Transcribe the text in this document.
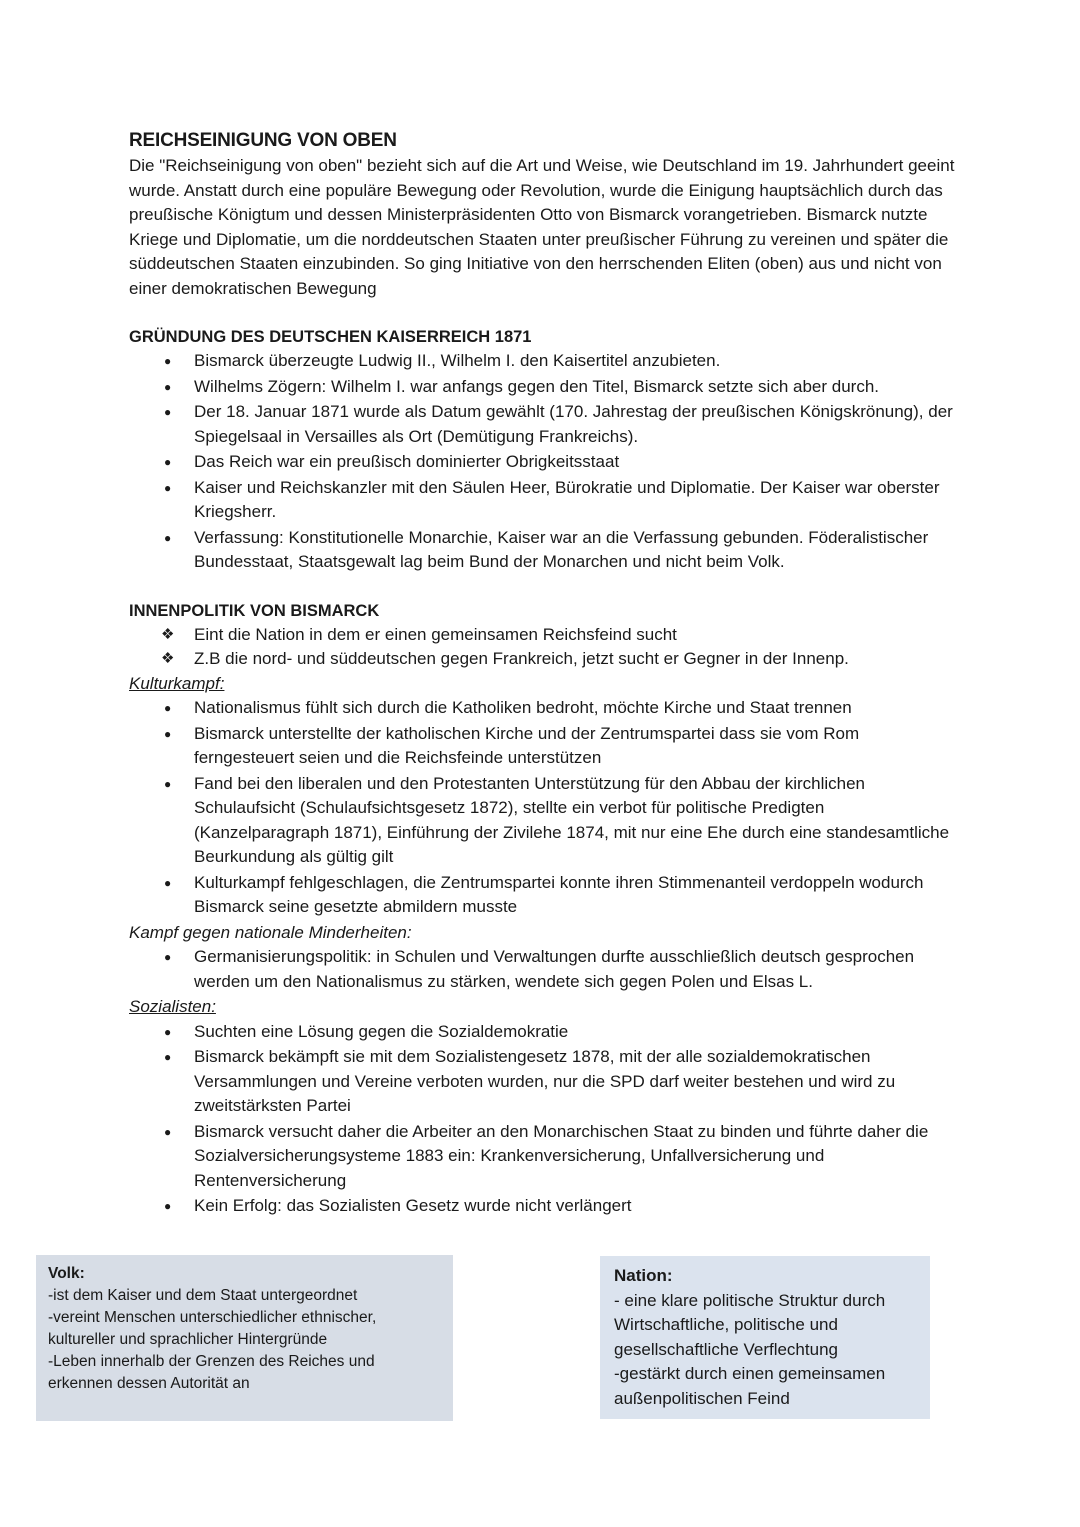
REICHSEINIGUNG VON OBEN

Die "Reichseinigung von oben" bezieht sich auf die Art und Weise, wie Deutschland im 19. Jahrhundert geeint wurde. Anstatt durch eine populäre Bewegung oder Revolution, wurde die Einigung hauptsächlich durch das preußische Königtum und dessen Ministerpräsidenten Otto von Bismarck vorangetrieben. Bismarck nutzte Kriege und Diplomatie, um die norddeutschen Staaten unter preußischer Führung zu vereinen und später die süddeutschen Staaten einzubinden. So ging Initiative von den herrschenden Eliten (oben) aus und nicht von einer demokratischen Bewegung

GRÜNDUNG DES DEUTSCHEN KAISERREICH 1871
● Bismarck überzeugte Ludwig II., Wilhelm I. den Kaisertitel anzubieten.
● Wilhelms Zögern: Wilhelm I. war anfangs gegen den Titel, Bismarck setzte sich aber durch.
● Der 18. Januar 1871 wurde als Datum gewählt (170. Jahrestag der preußischen Königskrönung), der Spiegelsaal in Versailles als Ort (Demütigung Frankreichs).
● Das Reich war ein preußisch dominierter Obrigkeitsstaat
● Kaiser und Reichskanzler mit den Säulen Heer, Bürokratie und Diplomatie. Der Kaiser war oberster Kriegsherr.
● Verfassung: Konstitutionelle Monarchie, Kaiser war an die Verfassung gebunden. Föderalistischer Bundesstaat, Staatsgewalt lag beim Bund der Monarchen und nicht beim Volk.
INNENPOLITIK VON BISMARCK
❖ Eint die Nation in dem er einen gemeinsamen Reichsfeind sucht
❖ Z.B die nord- und süddeutschen gegen Frankreich, jetzt sucht er Gegner in der Innenp.
Kulturkampf:
● Nationalismus fühlt sich durch die Katholiken bedroht, möchte Kirche und Staat trennen
● Bismarck unterstellte der katholischen Kirche und der Zentrumspartei dass sie vom Rom ferngesteuert seien und die Reichsfeinde unterstützen
● Fand bei den liberalen und den Protestanten Unterstützung für den Abbau der kirchlichen Schulaufsicht (Schulaufsichtsgesetz 1872), stellte ein verbot für politische Predigten (Kanzelparagraph 1871), Einführung der Zivilehe 1874, mit nur eine Ehe durch eine standesamtliche Beurkundung als gültig gilt
● Kulturkampf fehlgeschlagen, die Zentrumspartei konnte ihren Stimmenanteil verdoppeln wodurch Bismarck seine gesetzte abmildern musste
Kampf gegen nationale Minderheiten:
● Germanisierungspolitik: in Schulen und Verwaltungen durfte ausschließlich deutsch gesprochen werden um den Nationalismus zu stärken, wendete sich gegen Polen und Elsas L.
Sozialisten:
● Suchten eine Lösung gegen die Sozialdemokratie
● Bismarck bekämpft sie mit dem Sozialistengesetz 1878, mit der alle sozialdemokratischen Versammlungen und Vereine verboten wurden, nur die SPD darf weiter bestehen und wird zu zweitstärksten Partei
● Bismarck versucht daher die Arbeiter an den Monarchischen Staat zu binden und führte daher die Sozialversicherungsysteme 1883 ein: Krankenversicherung, Unfallversicherung und Rentenversicherung
● Kein Erfolg: das Sozialisten Gesetz wurde nicht verlängert
Volk:
-ist dem Kaiser und dem Staat untergeordnet
-vereint Menschen unterschiedlicher ethnischer, kultureller und sprachlicher Hintergründe
-Leben innerhalb der Grenzen des Reiches und erkennen dessen Autorität an
Nation:
- eine klare politische Struktur durch Wirtschaftliche, politische und gesellschaftliche Verflechtung
-gestärkt durch einen gemeinsamen außenpolitischen Feind
